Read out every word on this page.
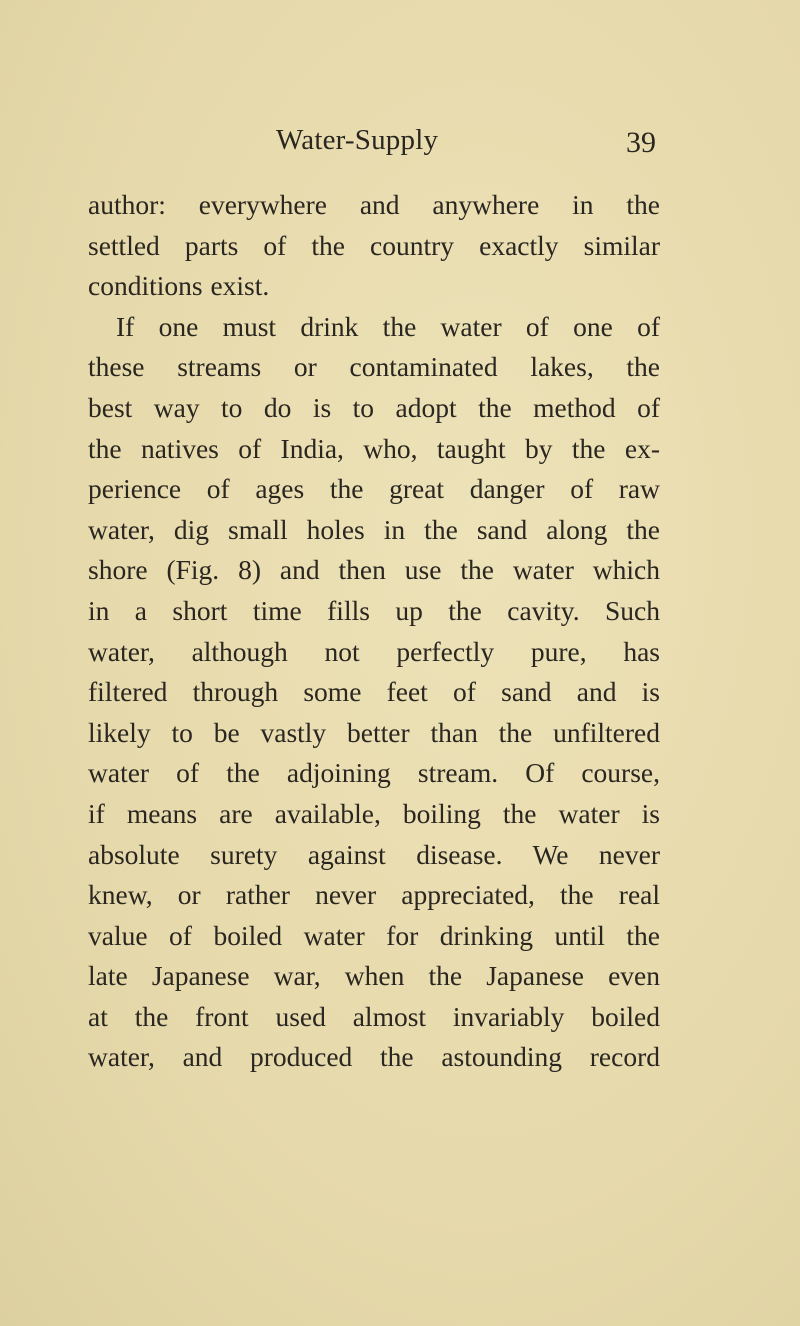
Water-Supply	39
author: everywhere and anywhere in the
settled parts of the country exactly similar
conditions exist.
If one must drink the water of one of
these streams or contaminated lakes, the
best way to do is to adopt the method of
the natives of India, who, taught by the ex-
perience of ages the great danger of raw
water, dig small holes in the sand along the
shore (Fig. 8) and then use the water which
in a short time fills up the cavity. Such
water, although not perfectly pure, has
filtered through some feet of sand and is
likely to be vastly better than the unfiltered
water of the adjoining stream. Of course,
if means are available, boiling the water is
absolute surety against disease. We never
knew, or rather never appreciated, the real
value of boiled water for drinking until the
late Japanese war, when the Japanese even
at the front used almost invariably boiled
water, and produced the astounding record
